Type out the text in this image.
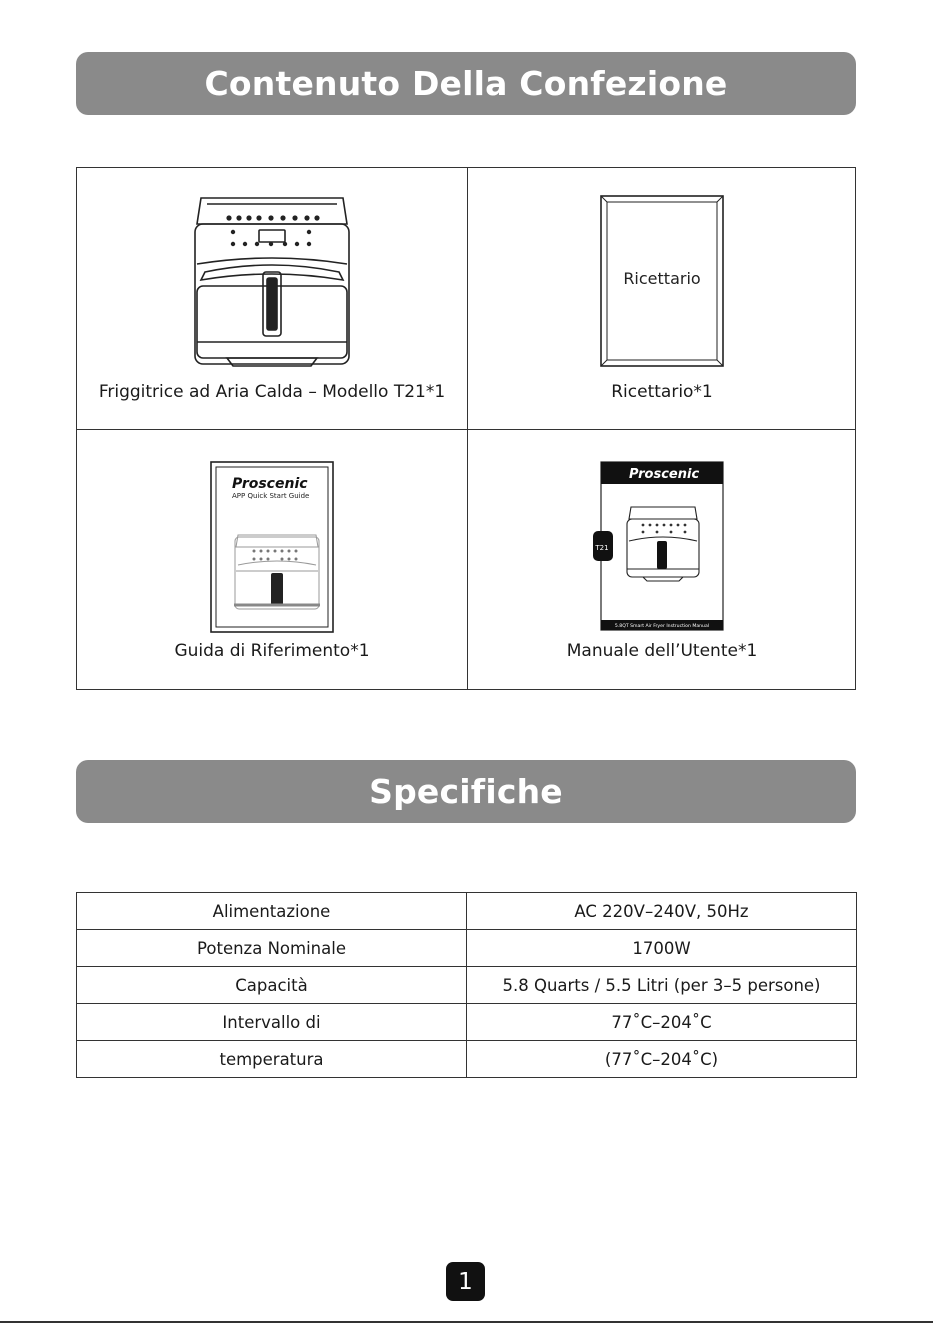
Contenuto Della Confezione
Friggitrice ad Aria Calda – Modello T21*1
Ricettario
Ricettario*1
Proscenic
APP Quick Start Guide
Guida di Riferimento*1
Proscenic
T21
5.8QT Smart Air Fryer Instruction Manual
Manuale dell’Utente*1
Specifiche
Alimentazione	AC 220V–240V, 50Hz
Potenza Nominale	1700W
Capacità	5.8 Quarts / 5.5 Litri (per 3–5 persone)
Intervallo di	77˚C–204˚C
temperatura	(77˚C–204˚C)
1
